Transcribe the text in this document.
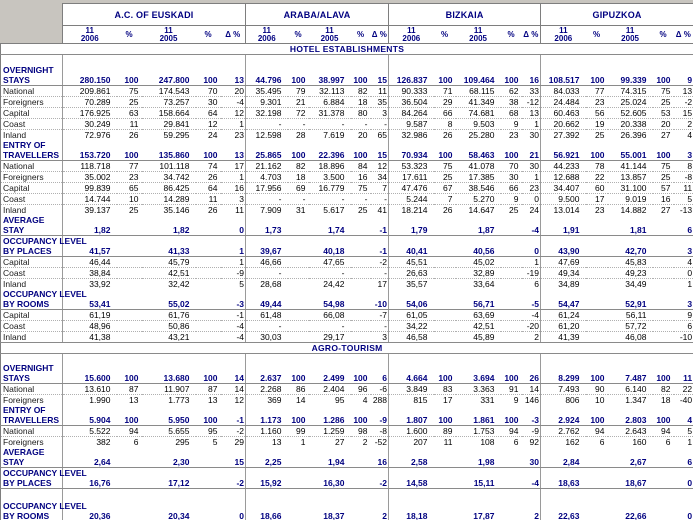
A.C. OF EUSKADI					ARABA/ALAVA					BIZKAIA					GIPUZKOA				

11
2006	%	11
2005	%	Δ %	11
2006	%	11
2005	%	Δ %	11
2006	%	11
2005	%	Δ %	11
2006	%	11
2005	%	Δ %
HOTEL ESTABLISHMENTS																				

OVERNIGHT																				
STAYS	280.150	100	247.800	100	13	44.796	100	38.997	100	15	126.837	100	109.464	100	16	108.517	100	99.339	100	9
National	209.861	75	174.543	70	20	35.495	79	32.113	82	11	90.333	71	68.115	62	33	84.033	77	74.315	75	13
Foreigners	70.289	25	73.257	30	-4	9.301	21	6.884	18	35	36.504	29	41.349	38	-12	24.484	23	25.024	25	-2
Capital	176.925	63	158.664	64	12	32.198	72	31.378	80	3	84.264	66	74.681	68	13	60.463	56	52.605	53	15
Coast	30.249	11	29.841	12	1	-	-	-	-	-	9.587	8	9.503	9	1	20.662	19	20.338	20	2
Inland	72.976	26	59.295	24	23	12.598	28	7.619	20	65	32.986	26	25.280	23	30	27.392	25	26.396	27	4
ENTRY OF																				
TRAVELLERS	153.720	100	135.860	100	13	25.865	100	22.396	100	15	70.934	100	58.463	100	21	56.921	100	55.001	100	3
National	118.718	77	101.118	74	17	21.162	82	18.896	84	12	53.323	75	41.078	70	30	44.233	78	41.144	75	8
Foreigners	35.002	23	34.742	26	1	4.703	18	3.500	16	34	17.611	25	17.385	30	1	12.688	22	13.857	25	-8
Capital	99.839	65	86.425	64	16	17.956	69	16.779	75	7	47.476	67	38.546	66	23	34.407	60	31.100	57	11
Coast	14.744	10	14.289	11	3	-	-	-	-	-	5.244	7	5.270	9	0	9.500	17	9.019	16	5
Inland	39.137	25	35.146	26	11	7.909	31	5.617	25	41	18.214	26	14.647	25	24	13.014	23	14.882	27	-13
AVERAGE																				
STAY	1,82		1,82		0	1,73		1,74		-1	1,79		1,87		-4	1,91		1,81		6
OCCUPANCY LEVEL																				
BY PLACES	41,57		41,33		1	39,67		40,18		-1	40,41		40,56		0	43,90		42,70		3
Capital	46,44		45,79		1	46,66		47,65		-2	45,51		45,02		1	47,69		45,83		4
Coast	38,84		42,51		-9	-		-		-	26,63		32,89		-19	49,34		49,23		0
Inland	33,92		32,42		5	28,68		24,42		17	35,57		33,64		6	34,89		34,49		1
OCCUPANCY LEVEL																				
BY ROOMS	53,41		55,02		-3	49,44		54,98		-10	54,06		56,71		-5	54,47		52,91		3
Capital	61,19		61,76		-1	61,48		66,08		-7	61,05		63,69		-4	61,24		56,11		9
Coast	48,96		50,86		-4	-		-		-	34,22		42,51		-20	61,20		57,72		6
Inland	41,38		43,21		-4	30,03		29,17		3	46,58		45,89		2	41,39		46,08		-10
AGRO-TOURISM																				

OVERNIGHT																				
STAYS	15.600	100	13.680	100	14	2.637	100	2.499	100	6	4.664	100	3.694	100	26	8.299	100	7.487	100	11
National	13.610	87	11.907	87	14	2.268	86	2.404	96	-6	3.849	83	3.363	91	14	7.493	90	6.140	82	22
Foreigners	1.990	13	1.773	13	12	369	14	95	4	288	815	17	331	9	146	806	10	1.347	18	-40
ENTRY OF																				
TRAVELLERS	5.904	100	5.950	100	-1	1.173	100	1.286	100	-9	1.807	100	1.861	100	-3	2.924	100	2.803	100	4
National	5.522	94	5.655	95	-2	1.160	99	1.259	98	-8	1.600	89	1.753	94	-9	2.762	94	2.643	94	5
Foreigners	382	6	295	5	29	13	1	27	2	-52	207	11	108	6	92	162	6	160	6	1
AVERAGE																				
STAY	2,64		2,30		15	2,25		1,94		16	2,58		1,98		30	2,84		2,67		6
OCCUPANCY LEVEL																				
BY PLACES	16,76		17,12		-2	15,92		16,30		-2	14,58		15,11		-4	18,63		18,67		0

OCCUPANCY LEVEL																				
BY ROOMS	20,36		20,34		0	18,66		18,37		2	18,18		17,87		2	22,63		22,66		0
